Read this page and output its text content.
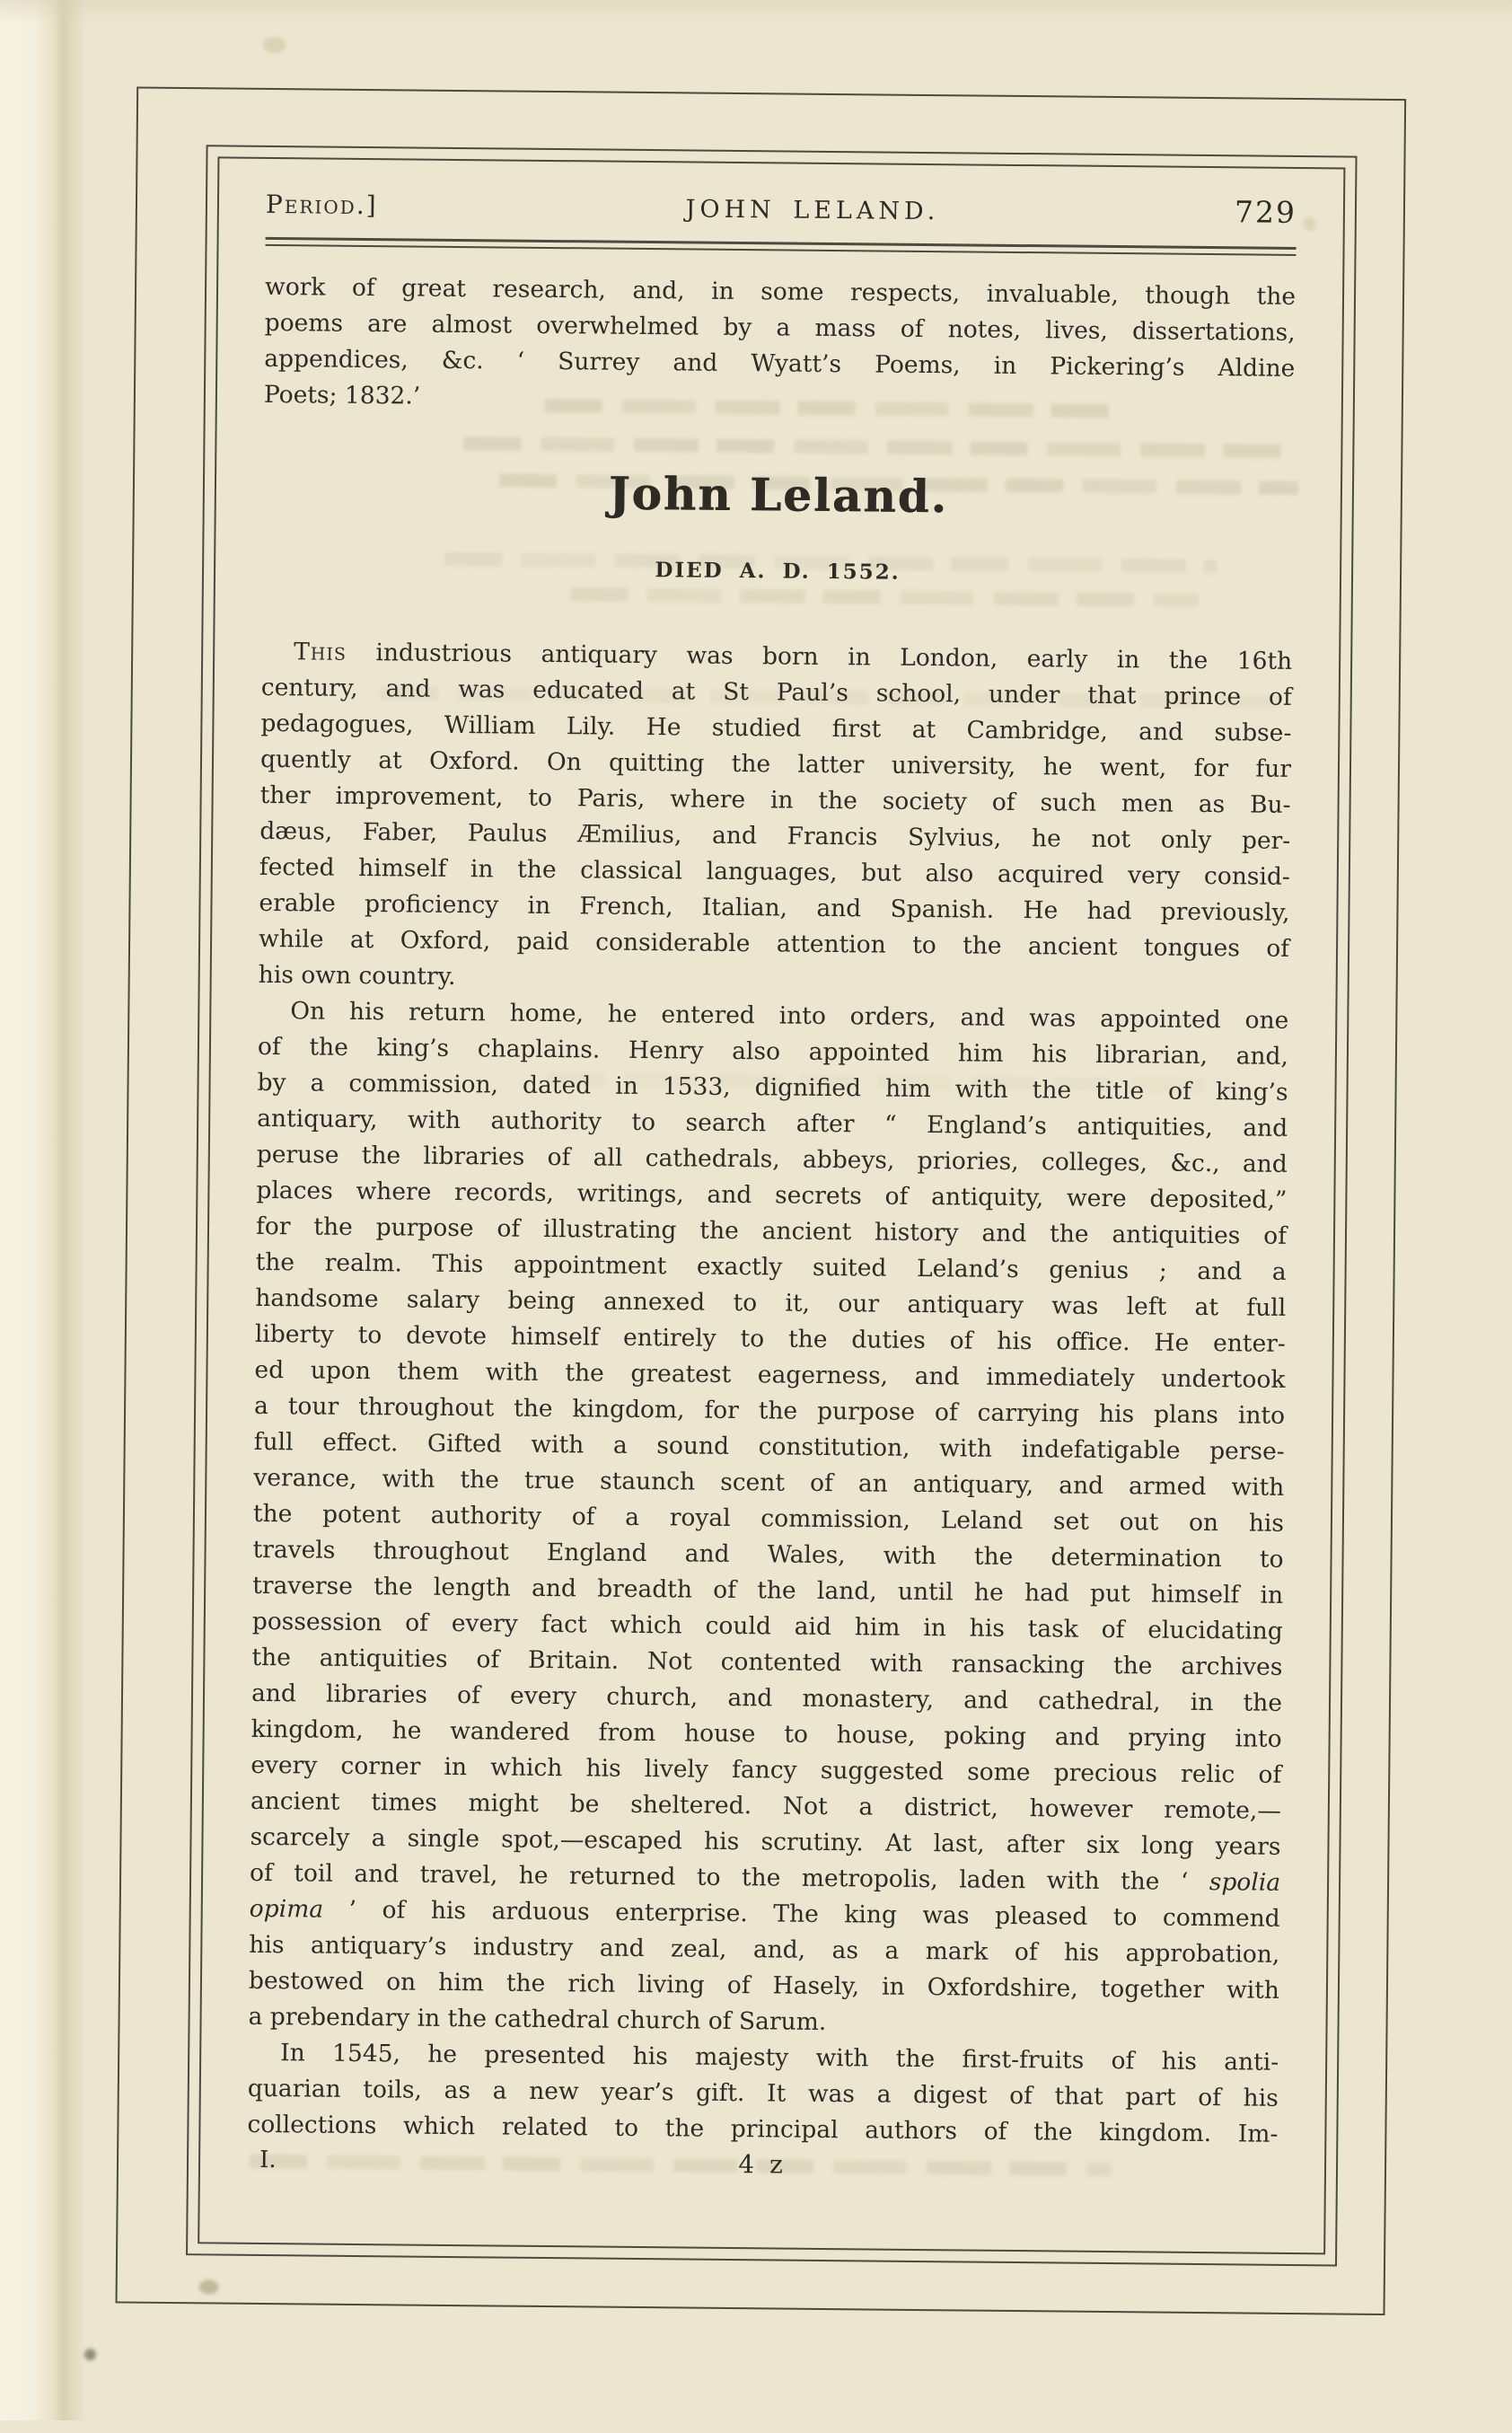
Period.]	JOHN LELAND.	729
work of great research, and, in some respects, invaluable, though the
poems are almost overwhelmed by a mass of notes, lives, dissertations,
appendices, &c. ‘ Surrey and Wyatt’s Poems, in Pickering’s Aldine
Poets; 1832.’
John Leland.
DIED A. D. 1552.
This industrious antiquary was born in London, early in the 16th
century, and was educated at St Paul’s school, under that prince of
pedagogues, William Lily. He studied first at Cambridge, and subse-
quently at Oxford. On quitting the latter university, he went, for fur
ther improvement, to Paris, where in the society of such men as Bu-
dæus, Faber, Paulus Æmilius, and Francis Sylvius, he not only per-
fected himself in the classical languages, but also acquired very consid-
erable proficiency in French, Italian, and Spanish. He had previously,
while at Oxford, paid considerable attention to the ancient tongues of
his own country.
On his return home, he entered into orders, and was appointed one
of the king’s chaplains. Henry also appointed him his librarian, and,
by a commission, dated in 1533, dignified him with the title of king’s
antiquary, with authority to search after “ England’s antiquities, and
peruse the libraries of all cathedrals, abbeys, priories, colleges, &c., and
places where records, writings, and secrets of antiquity, were deposited,”
for the purpose of illustrating the ancient history and the antiquities of
the realm. This appointment exactly suited Leland’s genius ; and a
handsome salary being annexed to it, our antiquary was left at full
liberty to devote himself entirely to the duties of his office. He enter-
ed upon them with the greatest eagerness, and immediately undertook
a tour throughout the kingdom, for the purpose of carrying his plans into
full effect. Gifted with a sound constitution, with indefatigable perse-
verance, with the true staunch scent of an antiquary, and armed with
the potent authority of a royal commission, Leland set out on his
travels throughout England and Wales, with the determination to
traverse the length and breadth of the land, until he had put himself in
possession of every fact which could aid him in his task of elucidating
the antiquities of Britain. Not contented with ransacking the archives
and libraries of every church, and monastery, and cathedral, in the
kingdom, he wandered from house to house, poking and prying into
every corner in which his lively fancy suggested some precious relic of
ancient times might be sheltered. Not a district, however remote,—
scarcely a single spot,—escaped his scrutiny. At last, after six long years
of toil and travel, he returned to the metropolis, laden with the ‘ spolia
opima ’ of his arduous enterprise. The king was pleased to commend
his antiquary’s industry and zeal, and, as a mark of his approbation,
bestowed on him the rich living of Hasely, in Oxfordshire, together with
a prebendary in the cathedral church of Sarum.
In 1545, he presented his majesty with the first-fruits of his anti-
quarian toils, as a new year’s gift. It was a digest of that part of his
collections which related to the principal authors of the kingdom. Im-
I.	4 z
